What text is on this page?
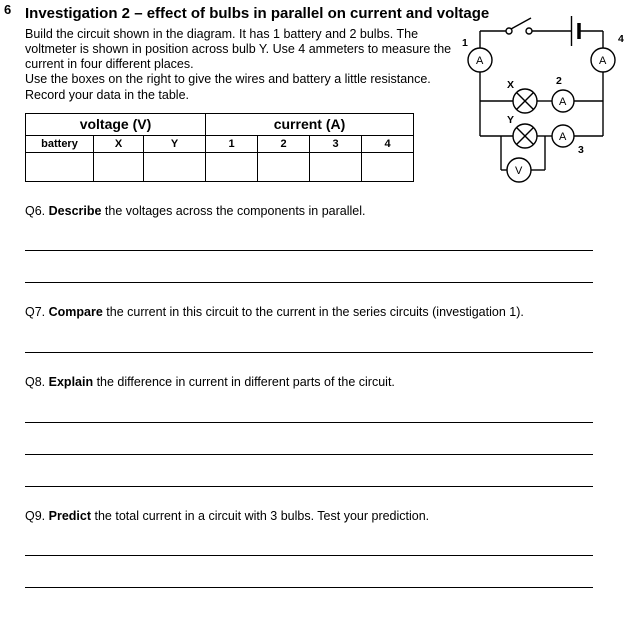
6
1	4
X	2
Y
3
A	A
A
A
V
Investigation 2 – effect of bulbs in parallel on current and voltage

Build the circuit shown in the diagram. It has 1 battery and 2 bulbs. The voltmeter is shown in position across bulb Y. Use 4 ammeters to measure the current in four different places.

Use the boxes on the right to give the wires and battery a little resistance. Record your data in the table.

voltage (V)			current (A)			
battery	X	Y	1	2	3	4

Q6. Describe the voltages across the components in parallel.

Q7. Compare the current in this circuit to the current in the series circuits (investigation 1).

Q8. Explain the difference in current in different parts of the circuit.

Q9. Predict the total current in a circuit with 3 bulbs. Test your prediction.
